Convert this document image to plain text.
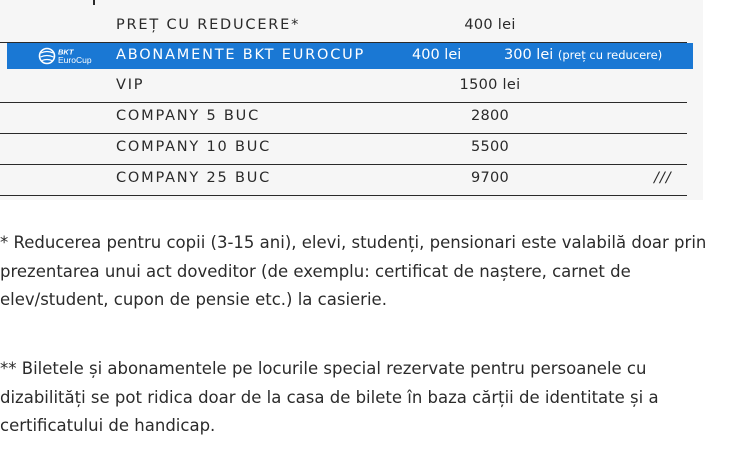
PREȚ CU REDUCERE*	400 lei
BKT
EuroCup ABONAMENTE BKT EUROCUP	400 lei	300 lei (preț cu reducere)
VIP	1500 lei
COMPANY 5 BUC	2800
COMPANY 10 BUC	5500
COMPANY 25 BUC	9700	///

* Reducerea pentru copii (3-15 ani), elevi, studenți, pensionari este valabilă doar prin prezentarea unui act doveditor (de exemplu: certificat de naștere, carnet de elev/student, cupon de pensie etc.) la casierie.

** Biletele și abonamentele pe locurile special rezervate pentru persoanele cu dizabilități se pot ridica doar de la casa de bilete în baza cărții de identitate și a certificatului de handicap.
